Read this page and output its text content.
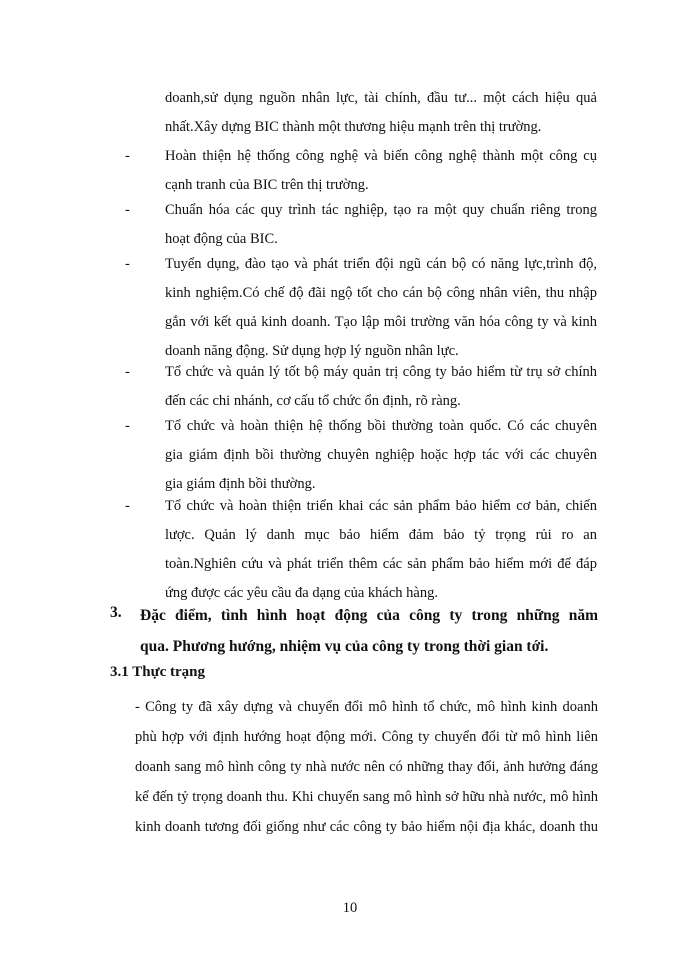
doanh,sử dụng nguồn nhân lực, tài chính, đầu tư... một cách hiệu quả
nhất.Xây dựng BIC thành một thương hiệu mạnh trên thị trường.
-	Hoàn thiện hệ thống công nghệ và biến công nghệ thành một công cụ
cạnh tranh của BIC trên thị trường.
-	Chuẩn hóa các quy trình tác nghiệp, tạo ra một quy chuẩn riêng trong
hoạt động của BIC.
-	Tuyển dụng, đào tạo và phát triển đội ngũ cán bộ có năng lực,trình độ,
kinh nghiệm.Có chế độ đãi ngộ tốt cho cán bộ công nhân viên, thu nhập
gắn với kết quả kinh doanh. Tạo lập môi trường văn hóa công ty và kinh
doanh năng động. Sử dụng hợp lý nguồn nhân lực.
-	Tổ chức và quản lý tốt bộ máy quản trị công ty bảo hiểm từ trụ sở chính
đến các chi nhánh, cơ cấu tổ chức ổn định, rõ ràng.
-	Tổ chức và hoàn thiện hệ thống bồi thường toàn quốc. Có các chuyên
gia giám định bồi thường chuyên nghiệp hoặc hợp tác với các chuyên
gia giám định bồi thường.
-	Tổ chức và hoàn thiện triển khai các sản phẩm bảo hiểm cơ bản, chiến
lược. Quản lý danh mục bảo hiểm đảm bảo tỷ trọng rủi ro an
toàn.Nghiên cứu và phát triển thêm các sản phẩm bảo hiểm mới để đáp
ứng được các yêu cầu đa dạng của khách hàng.
3. Đặc điểm, tình hình hoạt động của công ty trong những năm
qua. Phương hướng, nhiệm vụ của công ty trong thời gian tới.
3.1 Thực trạng
- Công ty đã xây dựng và chuyển đổi mô hình tổ chức, mô hình kinh doanh
phù hợp với định hướng hoạt động mới. Công ty chuyển đổi từ mô hình liên
doanh sang mô hình công ty nhà nước nên có những thay đổi, ảnh hưởng đáng
kể đến tỷ trọng doanh thu. Khi chuyển sang mô hình sở hữu nhà nước, mô hình
kinh doanh tương đối giống như các công ty bảo hiểm nội địa khác, doanh thu
10
